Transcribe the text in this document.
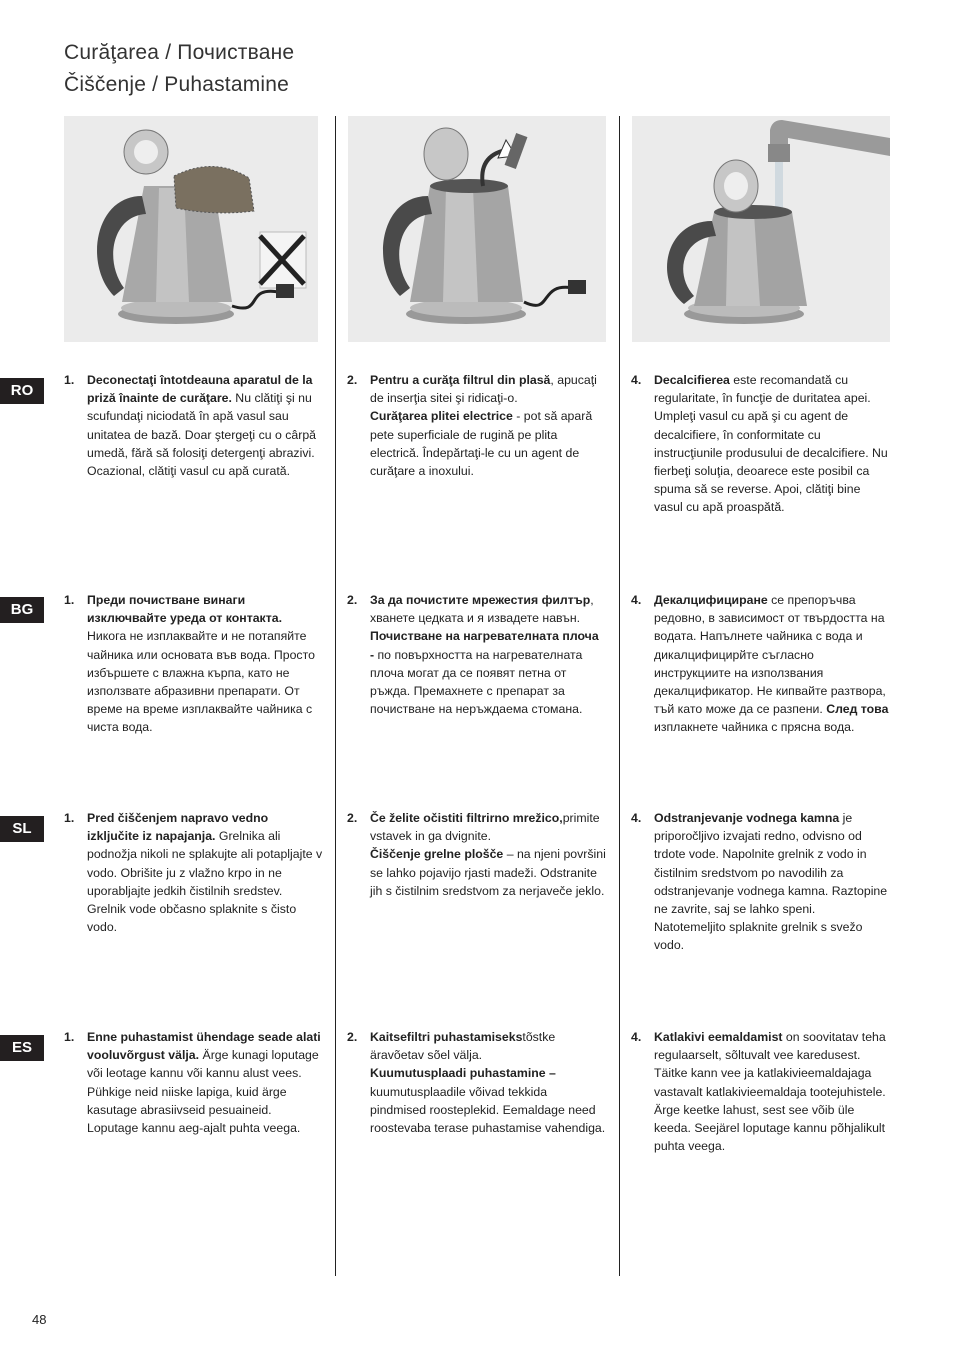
Curăţarea / Почистване
Čiščenje / Puhastamine
RO
1. Deconectaţi întotdeauna aparatul de la priză înainte de curăţare. Nu clătiţi şi nu scufundaţi niciodată în apă vasul sau unitatea de bază. Doar ştergeţi cu o cârpă umedă, fără să folosiţi detergenţi abrazivi. Ocazional, clătiţi vasul cu apă curată.
2. Pentru a curăţa filtrul din plasă, apucaţi de inserţia sitei şi ridicaţi-o.
Curăţarea plitei electrice - pot să apară pete superficiale de rugină pe plita electrică. Îndepărtaţi-le cu un agent de curăţare a inoxului.
4. Decalcifierea este recomandată cu regularitate, în funcţie de duritatea apei. Umpleţi vasul cu apă şi cu agent de decalcifiere, în conformitate cu instrucţiunile produsului de decalcifiere. Nu fierbeţi soluţia, deoarece este posibil ca spuma să se reverse. Apoi, clătiţi bine vasul cu apă proaspătă.
BG
1. Преди почистване винаги изключвайте уреда от контакта. Никога не изплаквайте и не потапяйте чайника или основата във вода. Просто избършете с влажна кърпа, като не използвате абразивни препарати. От време на време изплаквайте чайника с чиста вода.
2. За да почистите мрежестия филтър, хванете цедката и я извадете навън.
Почистване на нагревателната плоча - по повърхността на нагревателната плоча могат да се появят петна от ръжда. Премахнете с препарат за почистване на неръждаема стомана.
4. Декалцифициране се препоръчва редовно, в зависимост от твърдостта на водата. Напълнете чайника с вода и дикалцифицирйте съгласно инструкциите на използвания декалцификатор. Не кипвайте разтвора, тъй като може да се разпени. След това изплакнете чайника с прясна вода.
SL
1. Pred čiščenjem napravo vedno izključite iz napajanja. Grelnika ali podnožja nikoli ne splakujte ali potapljajte v vodo. Obrišite ju z vlažno krpo in ne uporabljajte jedkih čistilnih sredstev. Grelnik vode občasno splaknite s čisto vodo.
2. Če želite očistiti filtrirno mrežico,primite vstavek in ga dvignite.
Čiščenje grelne plošče – na njeni površini se lahko pojavijo rjasti madeži. Odstranite jih s čistilnim sredstvom za nerjaveče jeklo.
4. Odstranjevanje vodnega kamna je priporočljivo izvajati redno, odvisno od trdote vode. Napolnite grelnik z vodo in čistilnim sredstvom po navodilih za odstranjevanje vodnega kamna. Raztopine ne zavrite, saj se lahko speni. Natotemeljito splaknite grelnik s svežo vodo.
ES
1. Enne puhastamist ühendage seade alati vooluvõrgust välja. Ärge kunagi loputage või leotage kannu või kannu alust vees. Pühkige neid niiske lapiga, kuid ärge kasutage abrasiivseid pesuaineid. Loputage kannu aeg-ajalt puhta veega.
2. Kaitsefiltri puhastamisekstõstke äravõetav sõel välja.
Kuumutusplaadi puhastamine – kuumutusplaadile võivad tekkida pindmised roosteplekid. Eemaldage need roostevaba terase puhastamise vahendiga.
4. Katlakivi eemaldamist on soovitatav teha regulaarselt, sõltuvalt vee karedusest. Täitke kann vee ja katlakivieemaldajaga vastavalt katlakivieemaldaja tootejuhistele. Ärge keetke lahust, sest see võib üle keeda. Seejärel loputage kannu põhjalikult puhta veega.
48
